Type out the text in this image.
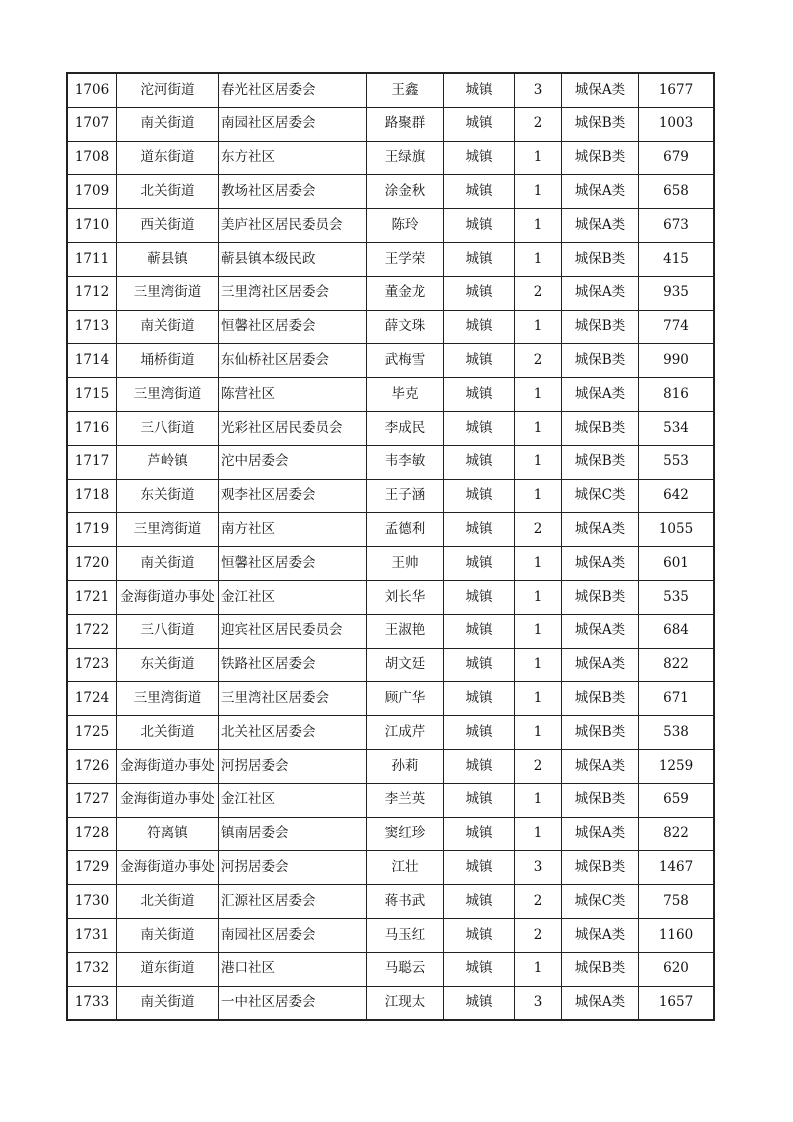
1706	沱河街道	春光社区居委会	王鑫	城镇	3	城保A类	1677
1707	南关街道	南园社区居委会	路聚群	城镇	2	城保B类	1003
1708	道东街道	东方社区	王绿旗	城镇	1	城保B类	679
1709	北关街道	教场社区居委会	涂金秋	城镇	1	城保A类	658
1710	西关街道	美庐社区居民委员会	陈玲	城镇	1	城保A类	673
1711	蕲县镇	蕲县镇本级民政	王学荣	城镇	1	城保B类	415
1712	三里湾街道	三里湾社区居委会	董金龙	城镇	2	城保A类	935
1713	南关街道	恒馨社区居委会	薛文珠	城镇	1	城保B类	774
1714	埇桥街道	东仙桥社区居委会	武梅雪	城镇	2	城保B类	990
1715	三里湾街道	陈营社区	毕克	城镇	1	城保A类	816
1716	三八街道	光彩社区居民委员会	李成民	城镇	1	城保B类	534
1717	芦岭镇	沱中居委会	韦李敏	城镇	1	城保B类	553
1718	东关街道	观李社区居委会	王子涵	城镇	1	城保C类	642
1719	三里湾街道	南方社区	孟德利	城镇	2	城保A类	1055
1720	南关街道	恒馨社区居委会	王帅	城镇	1	城保A类	601
1721	金海街道办事处	金江社区	刘长华	城镇	1	城保B类	535
1722	三八街道	迎宾社区居民委员会	王淑艳	城镇	1	城保A类	684
1723	东关街道	铁路社区居委会	胡文廷	城镇	1	城保A类	822
1724	三里湾街道	三里湾社区居委会	顾广华	城镇	1	城保B类	671
1725	北关街道	北关社区居委会	江成芹	城镇	1	城保B类	538
1726	金海街道办事处	河拐居委会	孙莉	城镇	2	城保A类	1259
1727	金海街道办事处	金江社区	李兰英	城镇	1	城保B类	659
1728	符离镇	镇南居委会	窦红珍	城镇	1	城保A类	822
1729	金海街道办事处	河拐居委会	江壮	城镇	3	城保B类	1467
1730	北关街道	汇源社区居委会	蒋书武	城镇	2	城保C类	758
1731	南关街道	南园社区居委会	马玉红	城镇	2	城保A类	1160
1732	道东街道	港口社区	马聪云	城镇	1	城保B类	620
1733	南关街道	一中社区居委会	江现太	城镇	3	城保A类	1657
